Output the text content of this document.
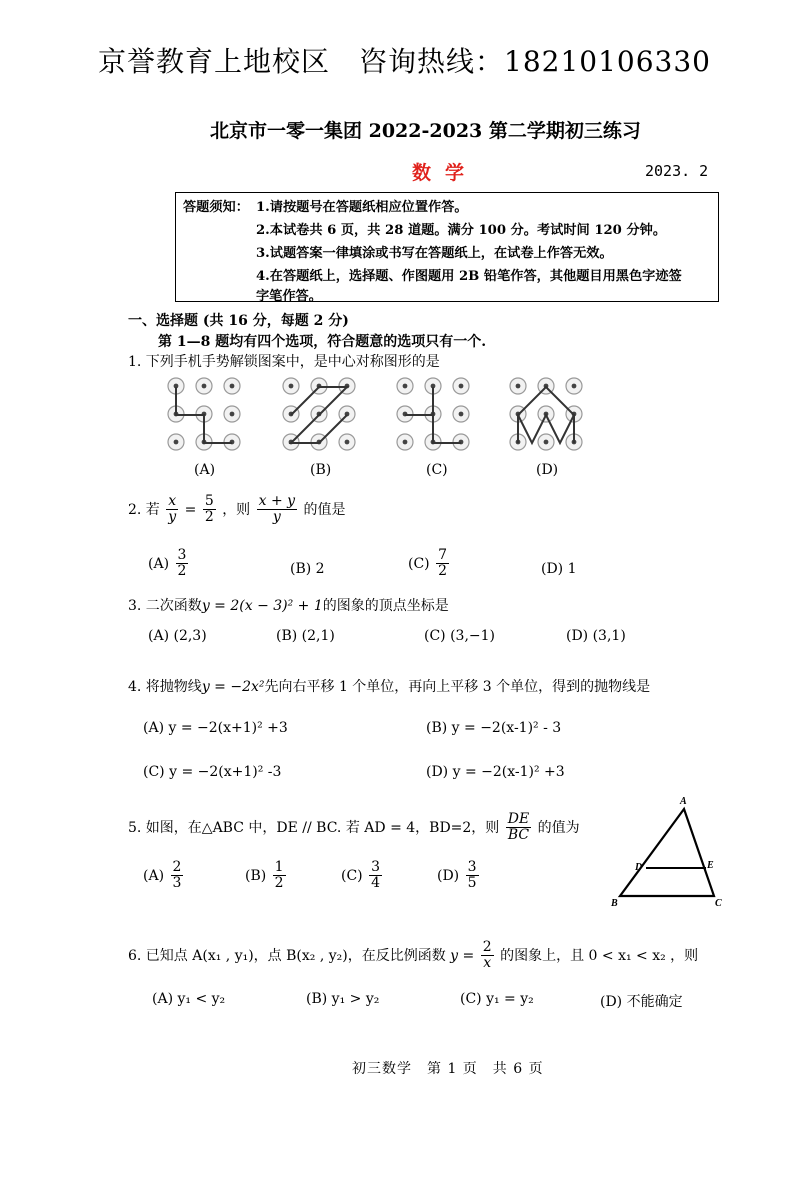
京誉教育上地校区　咨询热线：18210106330
北京市一零一集团 2022-2023 第二学期初三练习
数学	2023. 2
答题须知： 1.请按题号在答题纸相应位置作答。
2.本试卷共 6 页，共 28 道题。满分 100 分。考试时间 120 分钟。
3.试题答案一律填涂或书写在答题纸上，在试卷上作答无效。
4.在答题纸上，选择题、作图题用 2B 铅笔作答，其他题目用黑色字迹签
字笔作答。
一、选择题 (共 16 分，每题 2 分)
第 1—8 题均有四个选项，符合题意的选项只有一个.
1. 下列手机手势解锁图案中，是中心对称图形的是
(A)	(B)	(C)	(D)
2. 若 $\frac{x}{y} = \frac{5}{2}$ ，则 $\frac{x + y}{y}$ 的值是
$(A) \frac{3}{2}$	(B) 2	$(C) \frac{7}{2}$	(D) 1
3. 二次函数y = 2(x − 3)² + 1的图象的顶点坐标是
(A) (2,3)	(B) (2,1)	(C) (3,−1)	(D) (3,1)
4. 将抛物线y = −2x²先向右平移 1 个单位，再向上平移 3 个单位，得到的抛物线是
(A) y = −2(x+1)² +3	(B) y = −2(x-1)² - 3
(C) y = −2(x+1)² -3	(D) y = −2(x-1)² +3
5. 如图，在△ABC 中，DE // BC. 若 AD = 4，BD=2，则 $\frac{DE}{BC}$ 的值为
$(A) \frac{2}{3}$	$(B) \frac{1}{2}$	$(C) \frac{3}{4}$	$(D) \frac{3}{5}$
A
B	C
D	E
6. 已知点 A(x₁ , y₁)，点 B(x₂ , y₂)，在反比例函数 $y = \frac{2}{x}$ 的图象上，且 0 < x₁ < x₂ ，则
(A) y₁ < y₂	(B) y₁ > y₂	(C) y₁ = y₂	(D) 不能确定
初三数学　第 1 页　共 6 页
